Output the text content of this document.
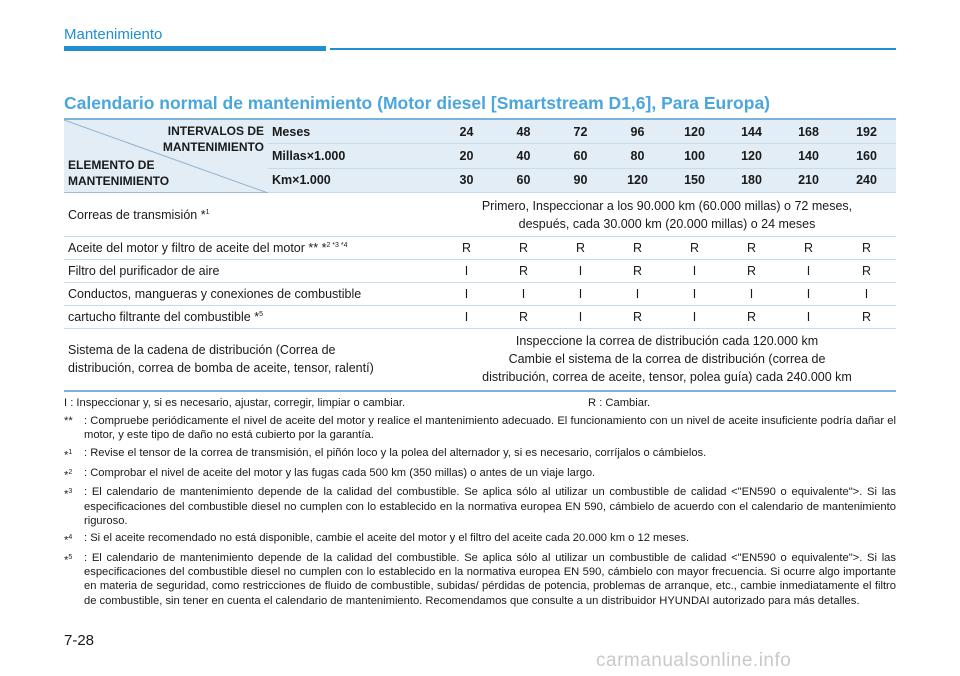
Mantenimiento
Calendario normal de mantenimiento (Motor diesel [Smartstream D1,6], Para Europa)
INTERVALOS DE
MANTENIMIENTO
ELEMENTO DE
MANTENIMIENTO	Meses	24	48	72	96	120	144	168	192
	Millas×1.000	20	40	60	80	100	120	140	160
	Km×1.000	30	60	90	120	150	180	210	240
Correas de transmisión *$^1$		Primero, Inspeccionar a los 90.000 km (60.000 millas) o 72 meses,
después, cada 30.000 km (20.000 millas) o 24 meses							
Aceite del motor y filtro de aceite del motor ** *$^{2 *3 *4}$		R	R	R	R	R	R	R	R
Filtro del purificador de aire		I	R	I	R	I	R	I	R
Conductos, mangueras y conexiones de combustible		I	I	I	I	I	I	I	I
cartucho filtrante del combustible *$^5$		I	R	I	R	I	R	I	R
Sistema de la cadena de distribución (Correa de
distribución, correa de bomba de aceite, tensor, ralentí)		Inspeccione la correa de distribución cada 120.000 km
Cambie el sistema de la correa de distribución (correa de
distribución, correa de aceite, tensor, polea guía) cada 240.000 km							
I : Inspeccionar y, si es necesario, ajustar, corregir, limpiar o cambiar.	R : Cambiar.
**	: Compruebe periódicamente el nivel de aceite del motor y realice el mantenimiento adecuado. El funcionamiento con un nivel de aceite insuficiente podría dañar el motor, y este tipo de daño no está cubierto por la garantía.
*$^1$	: Revise el tensor de la correa de transmisión, el piñón loco y la polea del alternador y, si es necesario, corríjalos o cámbielos.
*$^2$	: Comprobar el nivel de aceite del motor y las fugas cada 500 km (350 millas) o antes de un viaje largo.
*$^3$	: El calendario de mantenimiento depende de la calidad del combustible. Se aplica sólo al utilizar un combustible de calidad <"EN590 o equivalente">. Si las especificaciones del combustible diesel no cumplen con lo establecido en la normativa europea EN 590, cámbielo de acuerdo con el calendario de mantenimiento riguroso.
*$^4$	: Si el aceite recomendado no está disponible, cambie el aceite del motor y el filtro del aceite cada 20.000 km o 12 meses.
*$^5$	: El calendario de mantenimiento depende de la calidad del combustible. Se aplica sólo al utilizar un combustible de calidad <"EN590 o equivalente">. Si las especificaciones del combustible diesel no cumplen con lo establecido en la normativa europea EN 590, cámbielo con mayor frecuencia. Si ocurre algo importante en materia de seguridad, como restricciones de fluido de combustible, subidas/ pérdidas de potencia, problemas de arranque, etc., cambie inmediatamente el filtro de combustible, sin tener en cuenta el calendario de mantenimiento. Recomendamos que consulte a un distribuidor HYUNDAI autorizado para más detalles.
7-28
carmanualsonline.info
